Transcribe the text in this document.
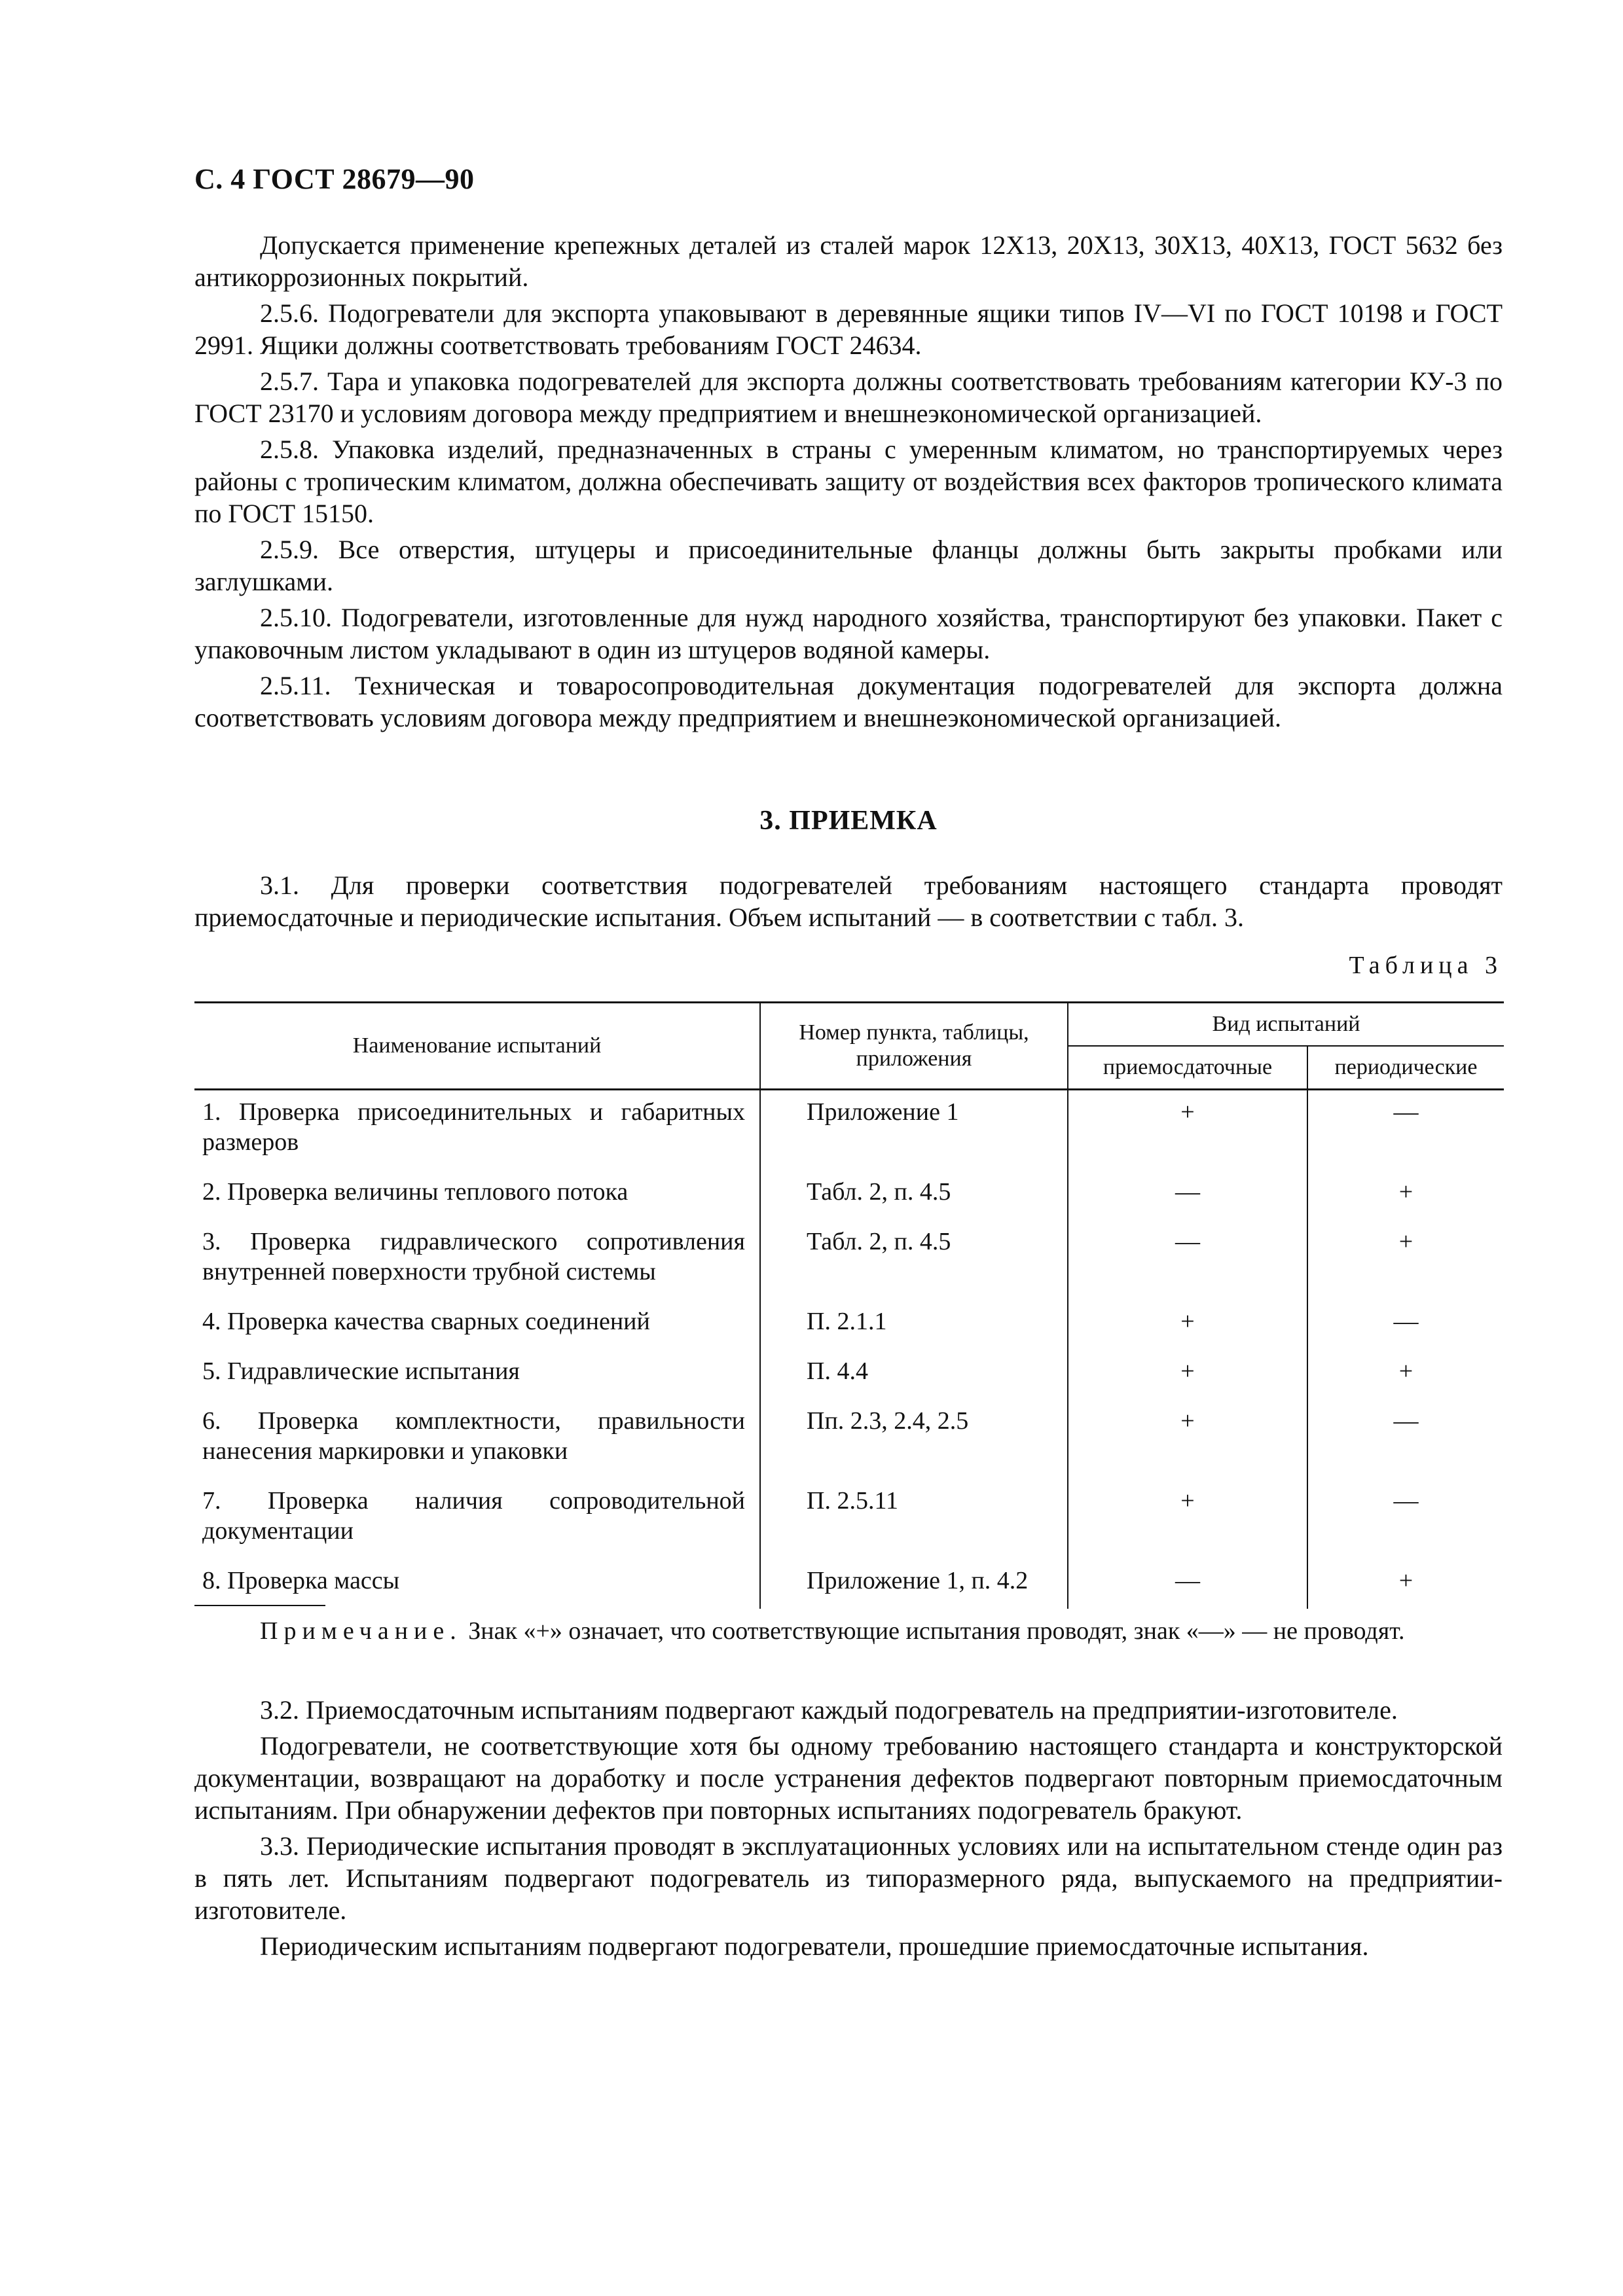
С. 4 ГОСТ 28679—90

Допускается применение крепежных деталей из сталей марок 12Х13, 20Х13, 30Х13, 40Х13, ГОСТ 5632 без антикоррозионных покрытий.

2.5.6. Подогреватели для экспорта упаковывают в деревянные ящики типов IV—VI по ГОСТ 10198 и ГОСТ 2991. Ящики должны соответствовать требованиям ГОСТ 24634.

2.5.7. Тара и упаковка подогревателей для экспорта должны соответствовать требованиям категории КУ-3 по ГОСТ 23170 и условиям договора между предприятием и внешнеэкономической организацией.

2.5.8. Упаковка изделий, предназначенных в страны с умеренным климатом, но транспортируемых через районы с тропическим климатом, должна обеспечивать защиту от воздействия всех факторов тропического климата по ГОСТ 15150.

2.5.9. Все отверстия, штуцеры и присоединительные фланцы должны быть закрыты пробками или заглушками.

2.5.10. Подогреватели, изготовленные для нужд народного хозяйства, транспортируют без упаковки. Пакет с упаковочным листом укладывают в один из штуцеров водяной камеры.

2.5.11. Техническая и товаросопроводительная документация подогревателей для экспорта должна соответствовать условиям договора между предприятием и внешнеэкономической организацией.

3. ПРИЕМКА

3.1. Для проверки соответствия подогревателей требованиям настоящего стандарта проводят приемосдаточные и периодические испытания. Объем испытаний — в соответствии с табл. 3.

Таблица 3
Наименование испытаний	Номер пункта, таблицы, приложения	Вид испытаний	
		приемосдаточные	периодические
1. Проверка присоединительных и габаритных размеров	Приложение 1	+	—
2. Проверка величины теплового потока	Табл. 2, п. 4.5	—	+
3. Проверка гидравлического сопротивления внутренней поверхности трубной системы	Табл. 2, п. 4.5	—	+
4. Проверка качества сварных соединений	П. 2.1.1	+	—
5. Гидравлические испытания	П. 4.4	+	+
6. Проверка комплектности, правильности нанесения маркировки и упаковки	Пп. 2.3, 2.4, 2.5	+	—
7. Проверка наличия сопроводительной документации	П. 2.5.11	+	—
8. Проверка массы	Приложение 1, п. 4.2	—	+

Примечание. Знак «+» означает, что соответствующие испытания проводят, знак «—» — не проводят.

3.2. Приемосдаточным испытаниям подвергают каждый подогреватель на предприятии-изготовителе.

Подогреватели, не соответствующие хотя бы одному требованию настоящего стандарта и конструкторской документации, возвращают на доработку и после устранения дефектов подвергают повторным приемосдаточным испытаниям. При обнаружении дефектов при повторных испытаниях подогреватель бракуют.

3.3. Периодические испытания проводят в эксплуатационных условиях или на испытательном стенде один раз в пять лет. Испытаниям подвергают подогреватель из типоразмерного ряда, выпускаемого на предприятии-изготовителе.

Периодическим испытаниям подвергают подогреватели, прошедшие приемосдаточные испытания.
